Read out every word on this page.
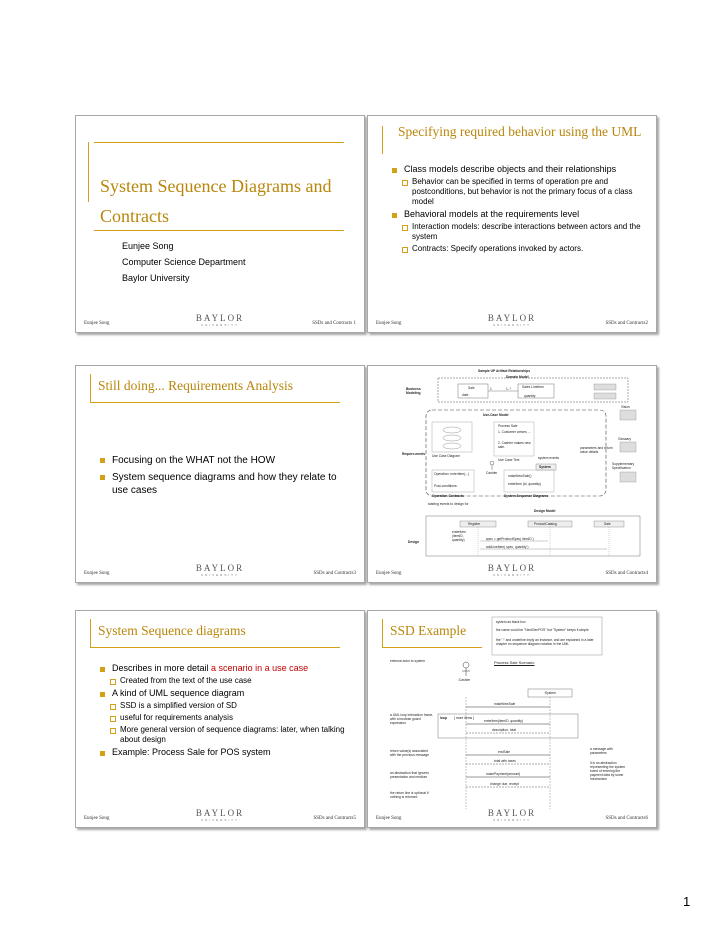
System Sequence Diagrams and Contracts
Eunjee Song
Computer Science Department
Baylor University
Eunjee Song
BAYLOR
UNIVERSITY	SSDs and Contracts 1
Specifying required behavior using the UML
Class models describe objects and their relationships
Behavior can be specified in terms of operation pre and postconditions, but behavior is not the primary focus of a class model
Behavioral models at the requirements level
Interaction models: describe interactions between actors and the system
Contracts: Specify operations invoked by actors.
Eunjee Song
BAYLOR
UNIVERSITY	SSDs and Contracts2
Still doing... Requirements Analysis
Focusing on the WHAT not the HOW
System sequence diagrams and how they relate to use cases
Eunjee Song
BAYLOR
UNIVERSITY	SSDs and Contracts3
Sample UP Artifact Relationships
Domain Model
Business Modeling
Sale
date
1	1..*	Sales LineItem
quantity
Use-Case Model
Process Sale
1. Customer arrives ...
2. Cashier makes new sale.
Use Case Diagram
Use Case Text
Require-ments
Vision
Glossary
parameters and return value details
Supplementary Specification
system events
System
Cashier
Operation: enterItem(...)
Post-conditions:
makeNewSale()
enterItem (id, quantity)
Operation Contracts	System Sequence Diagrams
starting events to design for
Design Model
Design
Register	ProductCatalog	Sale
enterItem (itemID, quantity)	spec = getProductSpec( itemID )
addLineItem( spec, quantity )
Eunjee Song
BAYLOR
UNIVERSITY	SSDs and Contracts4
System Sequence diagrams
Describes in more detail a scenario in a use case
Created from the text of the use case
A kind of UML sequence diagram
SSD is a simplified version of SD
useful for requirements analysis
More general version of sequence diagrams: later, when talking about design
Example: Process Sale for POS system
Eunjee Song
BAYLOR
UNIVERSITY	SSDs and Contracts5
SSD Example
system as black box
the name could be "NextGenPOS" but "System" keeps it simple
the ":" and underline imply an instance, and are explained in a later chapter on sequence diagram notation in the UML
external actor to system	Process Sale Scenario
:Cashier
:System
makeNewSale
a UML loop interaction frame, with a boolean guard expression
loop [ more items ]
enterItem(itemID, quantity)
description, total
endSale
return value(s) associated with the previous message
an abstraction that ignores presentation and medium
the return line is optional if nothing is returned
total with taxes
makePayment(amount)
change due, receipt
a message with parameters
it is an abstraction representing the system event of entering the payment data by some mechanism
Eunjee Song
BAYLOR
UNIVERSITY	SSDs and Contracts6
1
